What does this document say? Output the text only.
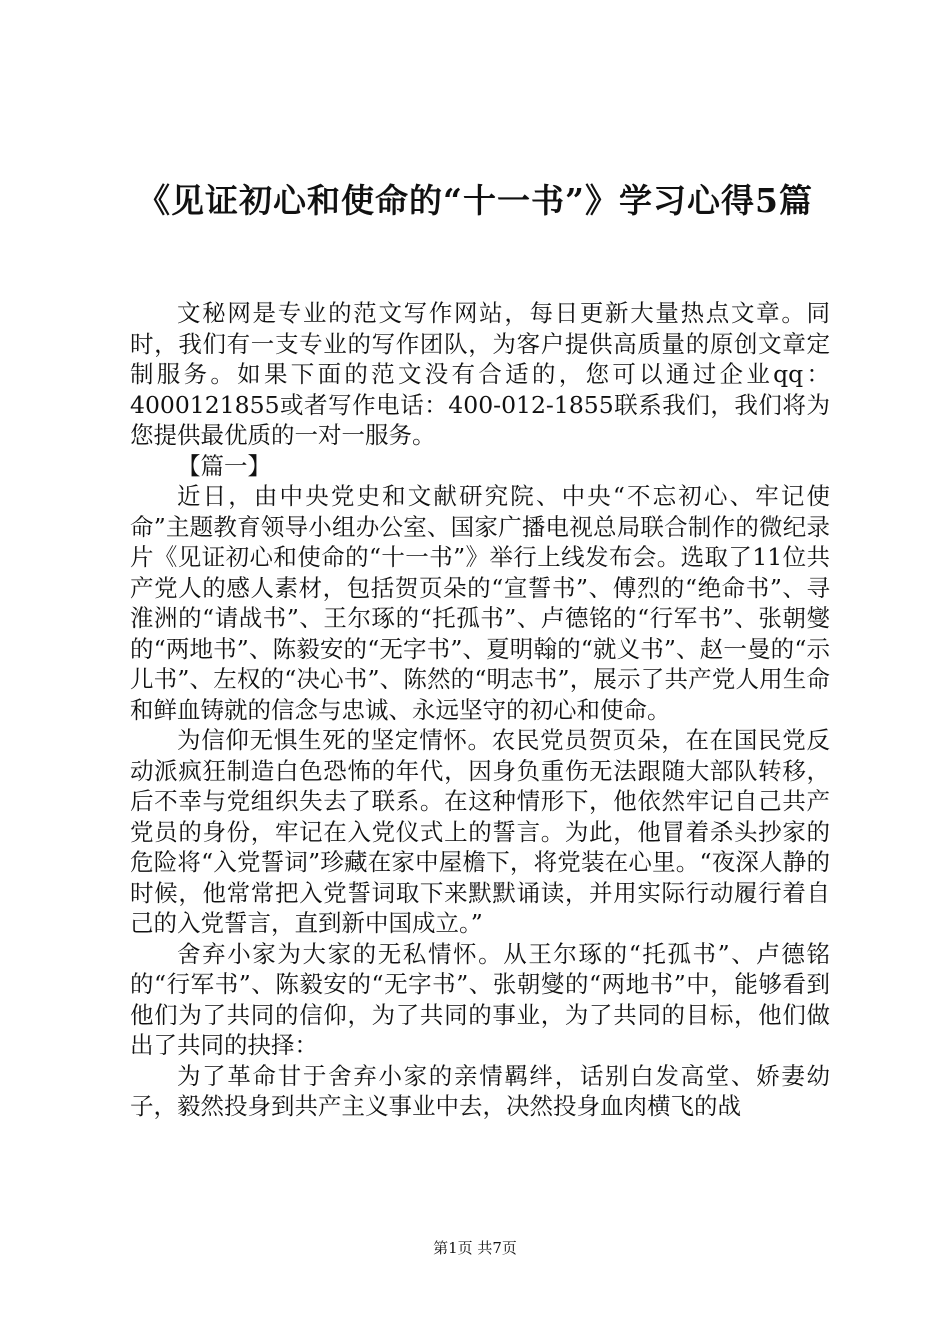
《见证初心和使命的“十一书”》学习心得5篇

文秘网是专业的范文写作网站，每日更新大量热点文章。同时，我们有一支专业的写作团队，为客户提供高质量的原创文章定制服务。如果下面的范文没有合适的，您可以通过企业qq：4000121855或者写作电话：400-012-1855联系我们，我们将为您提供最优质的一对一服务。

【篇一】

近日，由中央党史和文献研究院、中央“不忘初心、牢记使命”主题教育领导小组办公室、国家广播电视总局联合制作的微纪录片《见证初心和使命的“十一书”》举行上线发布会。选取了11位共产党人的感人素材，包括贺页朵的“宣誓书”、傅烈的“绝命书”、寻淮洲的“请战书”、王尔琢的“托孤书”、卢德铭的“行军书”、张朝燮的“两地书”、陈毅安的“无字书”、夏明翰的“就义书”、赵一曼的“示儿书”、左权的“决心书”、陈然的“明志书”，展示了共产党人用生命和鲜血铸就的信念与忠诚、永远坚守的初心和使命。

为信仰无惧生死的坚定情怀。农民党员贺页朵，在在国民党反动派疯狂制造白色恐怖的年代，因身负重伤无法跟随大部队转移，后不幸与党组织失去了联系。在这种情形下，他依然牢记自己共产党员的身份，牢记在入党仪式上的誓言。为此，他冒着杀头抄家的危险将“入党誓词”珍藏在家中屋檐下，将党装在心里。“夜深人静的时候，他常常把入党誓词取下来默默诵读，并用实际行动履行着自己的入党誓言，直到新中国成立。”

舍弃小家为大家的无私情怀。从王尔琢的“托孤书”、卢德铭的“行军书”、陈毅安的“无字书”、张朝燮的“两地书”中，能够看到他们为了共同的信仰，为了共同的事业，为了共同的目标，他们做出了共同的抉择：

为了革命甘于舍弃小家的亲情羁绊，话别白发高堂、娇妻幼子，毅然投身到共产主义事业中去，决然投身血肉横飞的战

第1页 共7页
